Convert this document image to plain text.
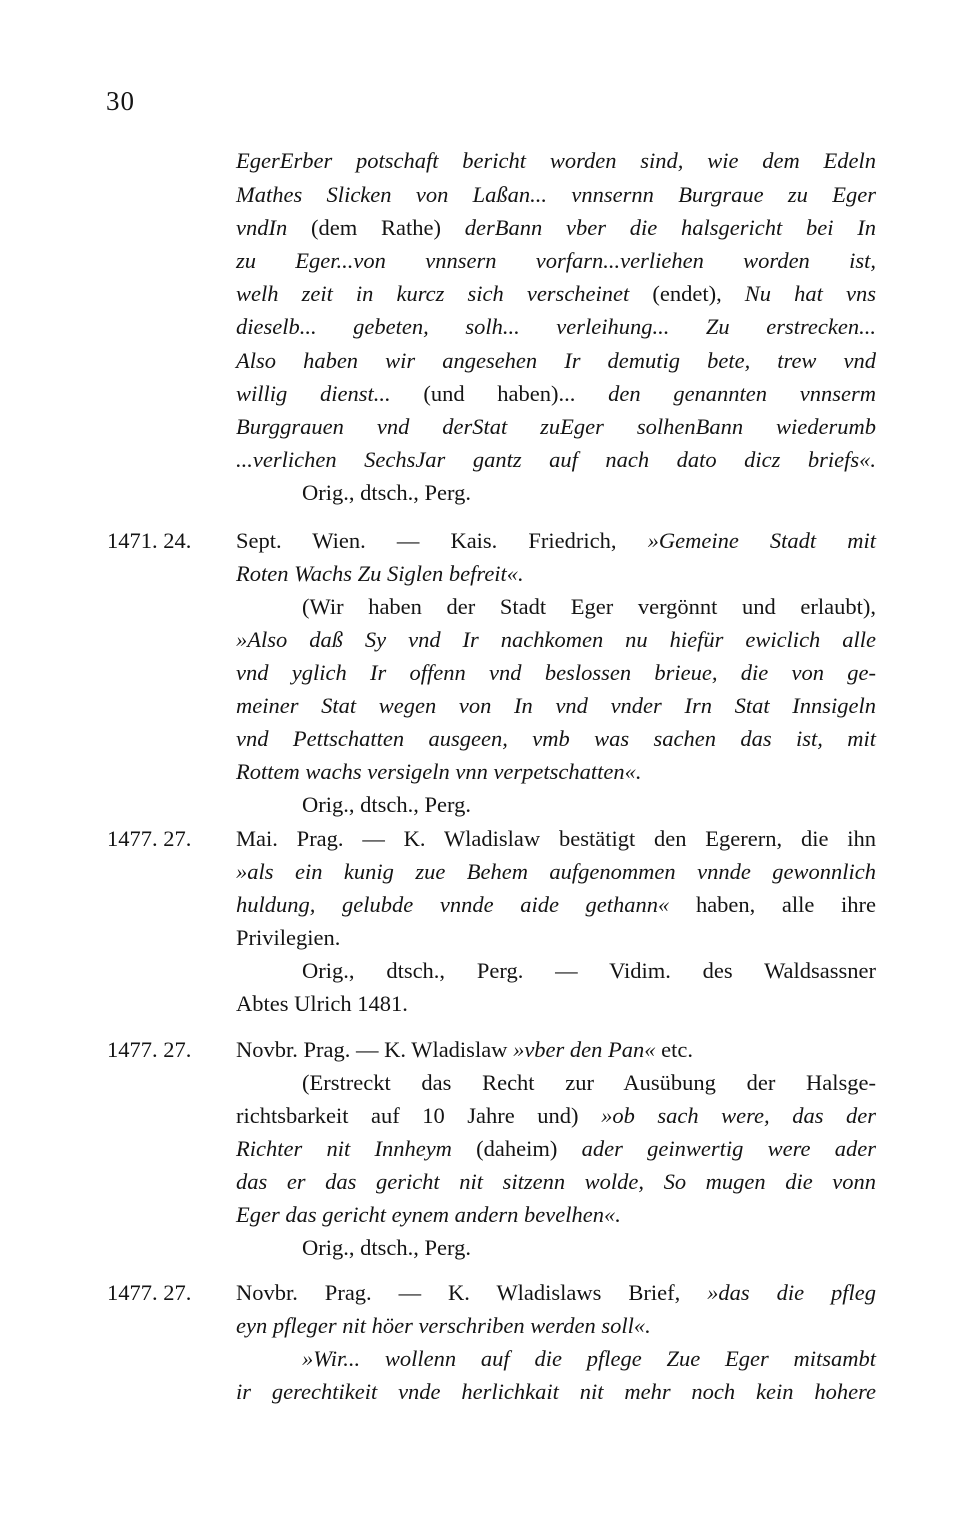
30
EgerErber potschaft bericht worden sind, wie dem Edeln
Mathes Slicken von Laßan... vnnsernn Burgraue zu Eger
vndIn (dem Rathe) derBann vber die halsgericht bei In
zu Eger...von vnnsern vorfarn...verliehen worden ist,
welh zeit in kurcz sich verscheinet (endet), Nu hat vns
dieselb... gebeten, solh... verleihung... Zu erstrecken...
Also haben wir angesehen Ir demutig bete, trew vnd
willig dienst... (und haben)... den genannten vnnserm
Burggrauen vnd derStat zuEger solhenBann wiederumb
...verlichen SechsJar gantz auf nach dato dicz briefs«.
Orig., dtsch., Perg.
1471. 24. Sept. Wien. — Kais. Friedrich, »Gemeine Stadt mit
Roten Wachs Zu Siglen befreit«.
(Wir haben der Stadt Eger vergönnt und erlaubt),
»Also daß Sy vnd Ir nachkomen nu hiefür ewiclich alle
vnd yglich Ir offenn vnd beslossen brieue, die von ge-
meiner Stat wegen von In vnd vnder Irn Stat Innsigeln
vnd Pettschatten ausgeen, vmb was sachen das ist, mit
Rottem wachs versigeln vnn verpetschatten«.
Orig., dtsch., Perg.
1477. 27. Mai. Prag. — K. Wladislaw bestätigt den Egerern, die ihn
»als ein kunig zue Behem aufgenommen vnnde gewonnlich
huldung, gelubde vnnde aide gethann« haben, alle ihre
Privilegien.
Orig., dtsch., Perg. — Vidim. des Waldsassner
Abtes Ulrich 1481.
1477. 27. Novbr. Prag. — K. Wladislaw »vber den Pan« etc.
(Erstreckt das Recht zur Ausübung der Halsge-
richtsbarkeit auf 10 Jahre und) »ob sach were, das der
Richter nit Innheym (daheim) ader geinwertig were ader
das er das gericht nit sitzenn wolde, So mugen die vonn
Eger das gericht eynem andern bevelhen«.
Orig., dtsch., Perg.
1477. 27. Novbr. Prag. — K. Wladislaws Brief, »das die pfleg
eyn pfleger nit höer verschriben werden soll«.
»Wir... wollenn auf die pflege Zue Eger mitsambt
ir gerechtikeit vnde herlichkait nit mehr noch kein hohere
